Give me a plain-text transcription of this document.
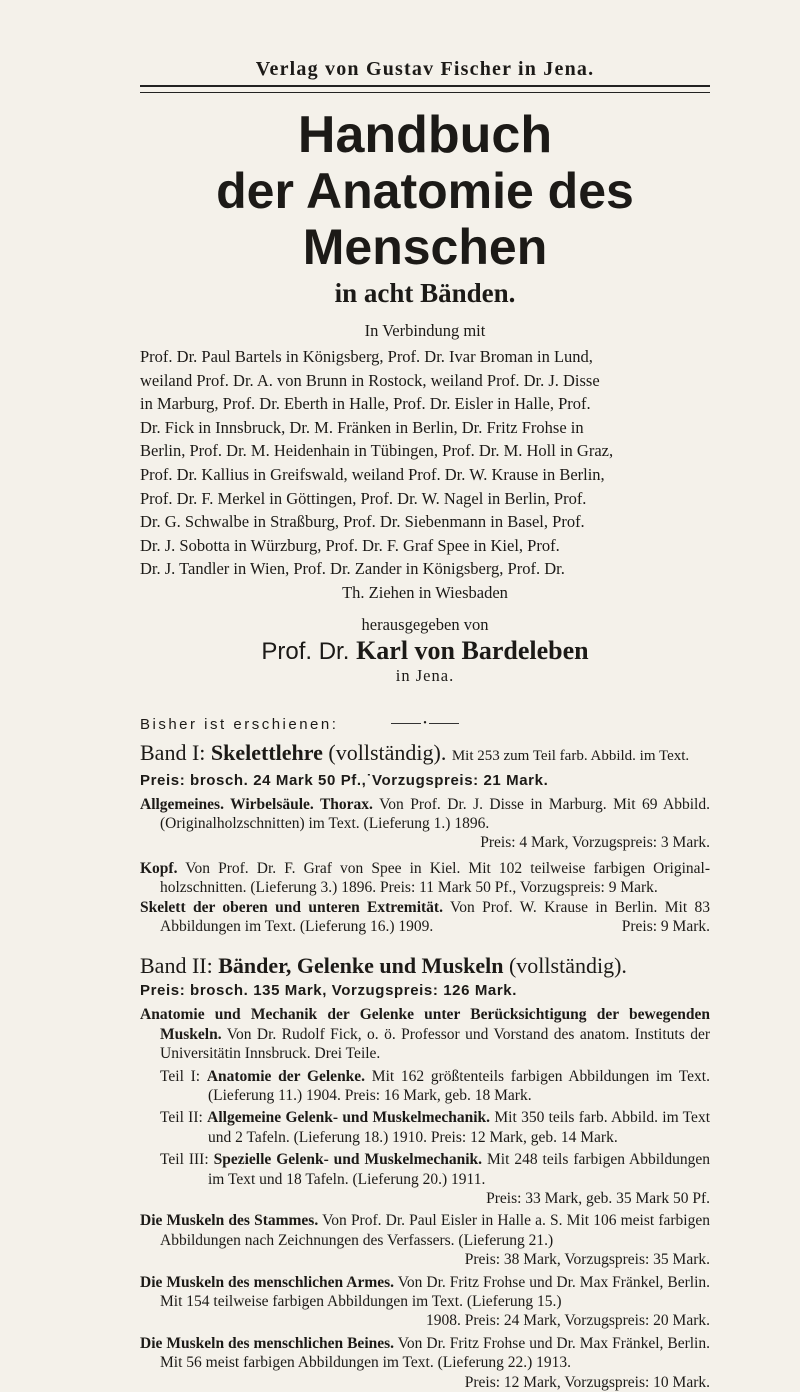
Verlag von Gustav Fischer in Jena.
Handbuch
der Anatomie des Menschen
in acht Bänden.
In Verbindung mit
Prof. Dr. Paul Bartels in Königsberg, Prof. Dr. Ivar Broman in Lund,
weiland Prof. Dr. A. von Brunn in Rostock, weiland Prof. Dr. J. Disse
in Marburg, Prof. Dr. Eberth in Halle, Prof. Dr. Eisler in Halle, Prof.
Dr. Fick in Innsbruck, Dr. M. Fränken in Berlin, Dr. Fritz Frohse in
Berlin, Prof. Dr. M. Heidenhain in Tübingen, Prof. Dr. M. Holl in Graz,
Prof. Dr. Kallius in Greifswald, weiland Prof. Dr. W. Krause in Berlin,
Prof. Dr. F. Merkel in Göttingen, Prof. Dr. W. Nagel in Berlin, Prof.
Dr. G. Schwalbe in Straßburg, Prof. Dr. Siebenmann in Basel, Prof.
Dr. J. Sobotta in Würzburg, Prof. Dr. F. Graf Spee in Kiel, Prof.
Dr. J. Tandler in Wien, Prof. Dr. Zander in Königsberg, Prof. Dr.
Th. Ziehen in Wiesbaden
herausgegeben von
Prof. Dr. Karl von Bardeleben
in Jena.
Bisher ist erschienen:	•
Band I: Skelettlehre (vollständig). Mit 253 zum Teil farb. Abbild. im Text.
Preis: brosch. 24 Mark 50 Pf.,˙Vorzugspreis: 21 Mark.
Allgemeines. Wirbelsäule. Thorax. Von Prof. Dr. J. Disse in Marburg. Mit 69 Abbild. (Originalholzschnitten) im Text. (Lieferung 1.) 1896.
Preis: 4 Mark, Vorzugspreis: 3 Mark.
Kopf. Von Prof. Dr. F. Graf von Spee in Kiel. Mit 102 teilweise farbigen Original-holzschnitten. (Lieferung 3.) 1896. Preis: 11 Mark 50 Pf., Vorzugspreis: 9 Mark.
Skelett der oberen und unteren Extremität. Von Prof. W. Krause in Berlin. Mit 83 Abbildungen im Text. (Lieferung 16.) 1909.	Preis: 9 Mark.
Band II: Bänder, Gelenke und Muskeln (vollständig).
Preis: brosch. 135 Mark, Vorzugspreis: 126 Mark.
Anatomie und Mechanik der Gelenke unter Berücksichtigung der bewegenden Muskeln. Von Dr. Rudolf Fick, o. ö. Professor und Vorstand des anatom. Instituts der Universitätin Innsbruck. Drei Teile.
Teil I: Anatomie der Gelenke. Mit 162 größtenteils farbigen Abbildungen im Text. (Lieferung 11.) 1904. Preis: 16 Mark, geb. 18 Mark.
Teil II: Allgemeine Gelenk- und Muskelmechanik. Mit 350 teils farb. Abbild. im Text und 2 Tafeln. (Lieferung 18.) 1910. Preis: 12 Mark, geb. 14 Mark.
Teil III: Spezielle Gelenk- und Muskelmechanik. Mit 248 teils farbigen Abbildungen im Text und 18 Tafeln. (Lieferung 20.) 1911.
Preis: 33 Mark, geb. 35 Mark 50 Pf.
Die Muskeln des Stammes. Von Prof. Dr. Paul Eisler in Halle a. S. Mit 106 meist farbigen Abbildungen nach Zeichnungen des Verfassers. (Lieferung 21.)
Preis: 38 Mark, Vorzugspreis: 35 Mark.
Die Muskeln des menschlichen Armes. Von Dr. Fritz Frohse und Dr. Max Fränkel, Berlin. Mit 154 teilweise farbigen Abbildungen im Text. (Lieferung 15.)
1908. Preis: 24 Mark, Vorzugspreis: 20 Mark.
Die Muskeln des menschlichen Beines. Von Dr. Fritz Frohse und Dr. Max Fränkel, Berlin. Mit 56 meist farbigen Abbildungen im Text. (Lieferung 22.) 1913.
Preis: 12 Mark, Vorzugspreis: 10 Mark.
